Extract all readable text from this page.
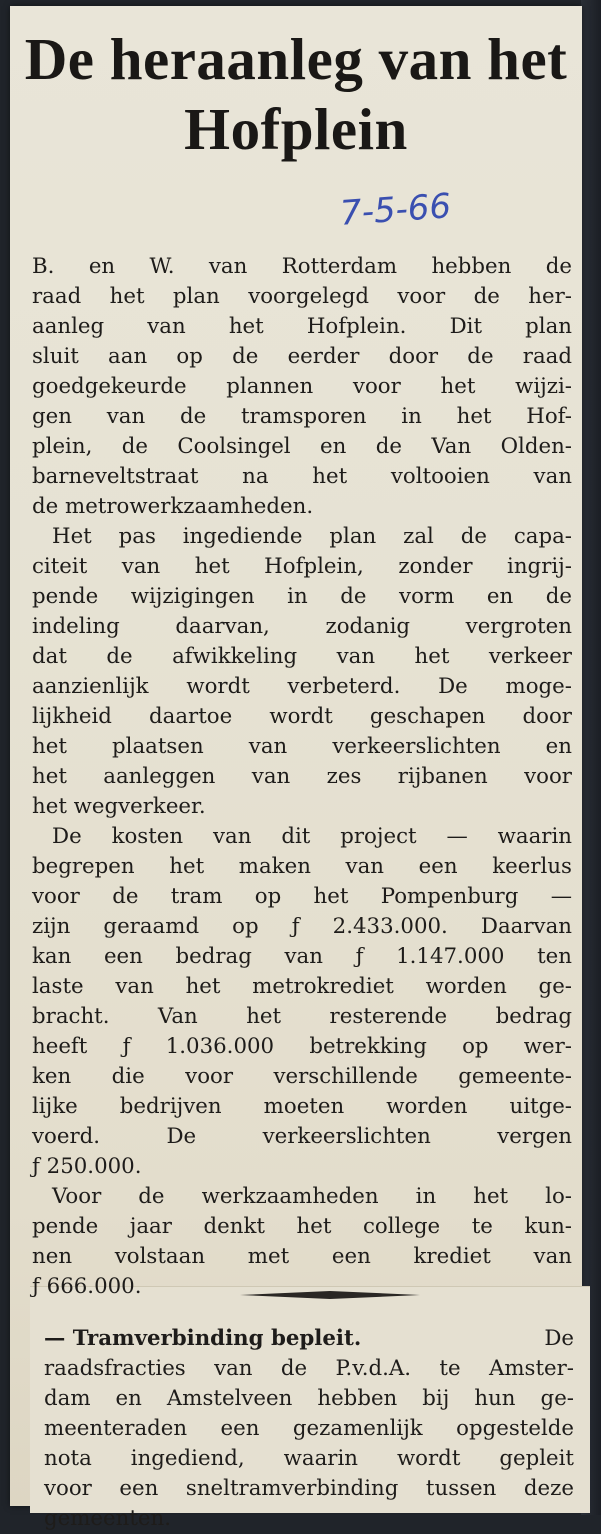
De heraanleg van het Hofplein
7-5-66
B. en W. van Rotterdam hebben de
raad het plan voorgelegd voor de her-
aanleg van het Hofplein. Dit plan
sluit aan op de eerder door de raad
goedgekeurde plannen voor het wijzi-
gen van de tramsporen in het Hof-
plein, de Coolsingel en de Van Olden-
barneveltstraat na het voltooien van
de metrowerkzaamheden.
Het pas ingediende plan zal de capa-
citeit van het Hofplein, zonder ingrij-
pende wijzigingen in de vorm en de
indeling daarvan, zodanig vergroten
dat de afwikkeling van het verkeer
aanzienlijk wordt verbeterd. De moge-
lijkheid daartoe wordt geschapen door
het plaatsen van verkeerslichten en
het aanleggen van zes rijbanen voor
het wegverkeer.
De kosten van dit project — waarin
begrepen het maken van een keerlus
voor de tram op het Pompenburg —
zijn geraamd op ƒ 2.433.000. Daarvan
kan een bedrag van ƒ 1.147.000 ten
laste van het metrokrediet worden ge-
bracht. Van het resterende bedrag
heeft ƒ 1.036.000 betrekking op wer-
ken die voor verschillende gemeente-
lijke bedrijven moeten worden uitge-
voerd. De verkeerslichten vergen
ƒ 250.000.
Voor de werkzaamheden in het lo-
pende jaar denkt het college te kun-
nen volstaan met een krediet van
ƒ 666.000.
— Tramverbinding bepleit.	De
raadsfracties van de P.v.d.A. te Amster-
dam en Amstelveen hebben bij hun ge-
meenteraden een gezamenlijk opgestelde
nota ingediend, waarin wordt gepleit
voor een sneltramverbinding tussen deze
gemeenten.
